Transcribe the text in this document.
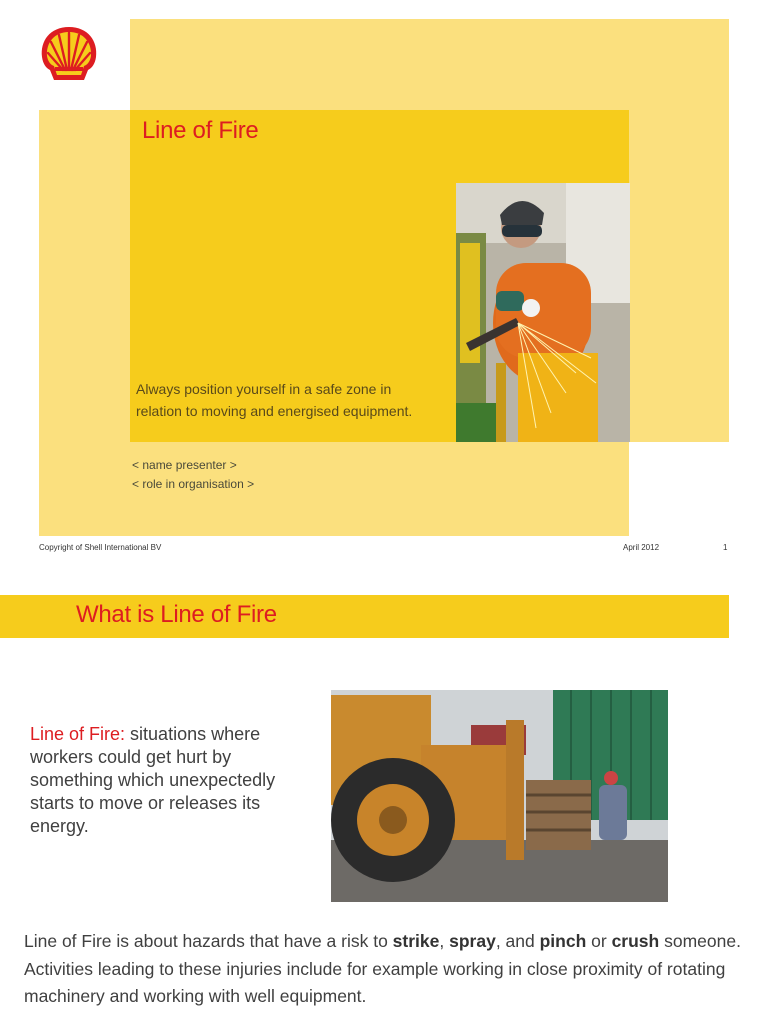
Line of Fire
Always position yourself in a safe zone in relation to moving and energised equipment.
< name presenter >
< role in organisation >
Copyright of Shell International BV	April 2012	1
What is Line of Fire
Line of Fire: situations where workers could get hurt by something which unexpectedly starts to move or releases its energy.
Line of Fire is about hazards that have a risk to strike, spray, and pinch or crush someone. Activities leading to these injuries include for example working in close proximity of rotating machinery and working with well equipment.
